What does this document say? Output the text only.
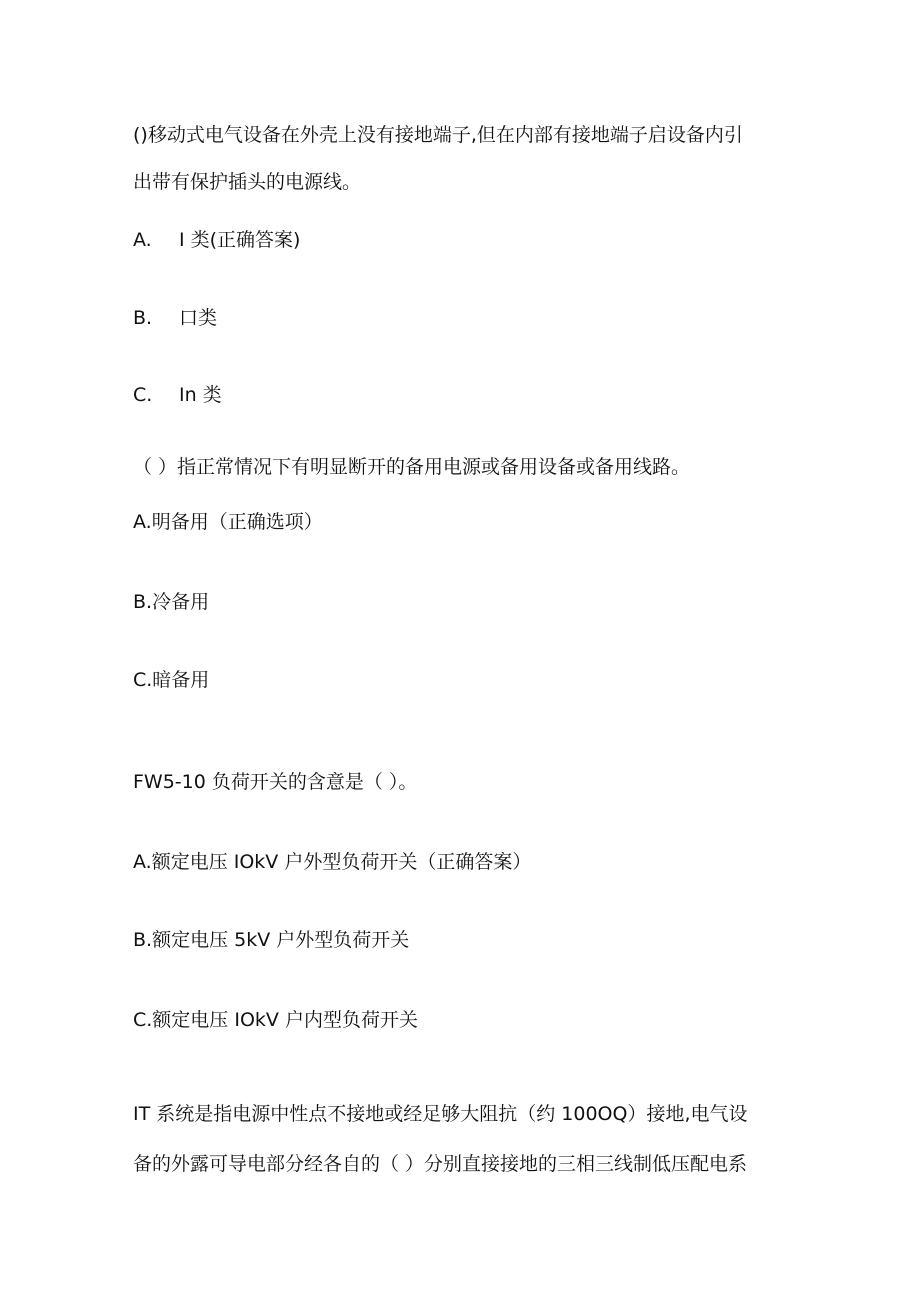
()移动式电气设备在外壳上没有接地端子,但在内部有接地端子启设备内引
出带有保护插头的电源线。
A. I 类(正确答案)
B. 口类
C. In 类
（ ）指正常情况下有明显断开的备用电源或备用设备或备用线路。
A.明备用（正确选项）
B.冷备用
C.暗备用
FW5-10 负荷开关的含意是（ ）。
A.额定电压 IOkV 户外型负荷开关（正确答案）
B.额定电压 5kV 户外型负荷开关
C.额定电压 IOkV 户内型负荷开关
IT 系统是指电源中性点不接地或经足够大阻抗（约 100OQ）接地,电气设
备的外露可导电部分经各自的（ ）分别直接接地的三相三线制低压配电系
